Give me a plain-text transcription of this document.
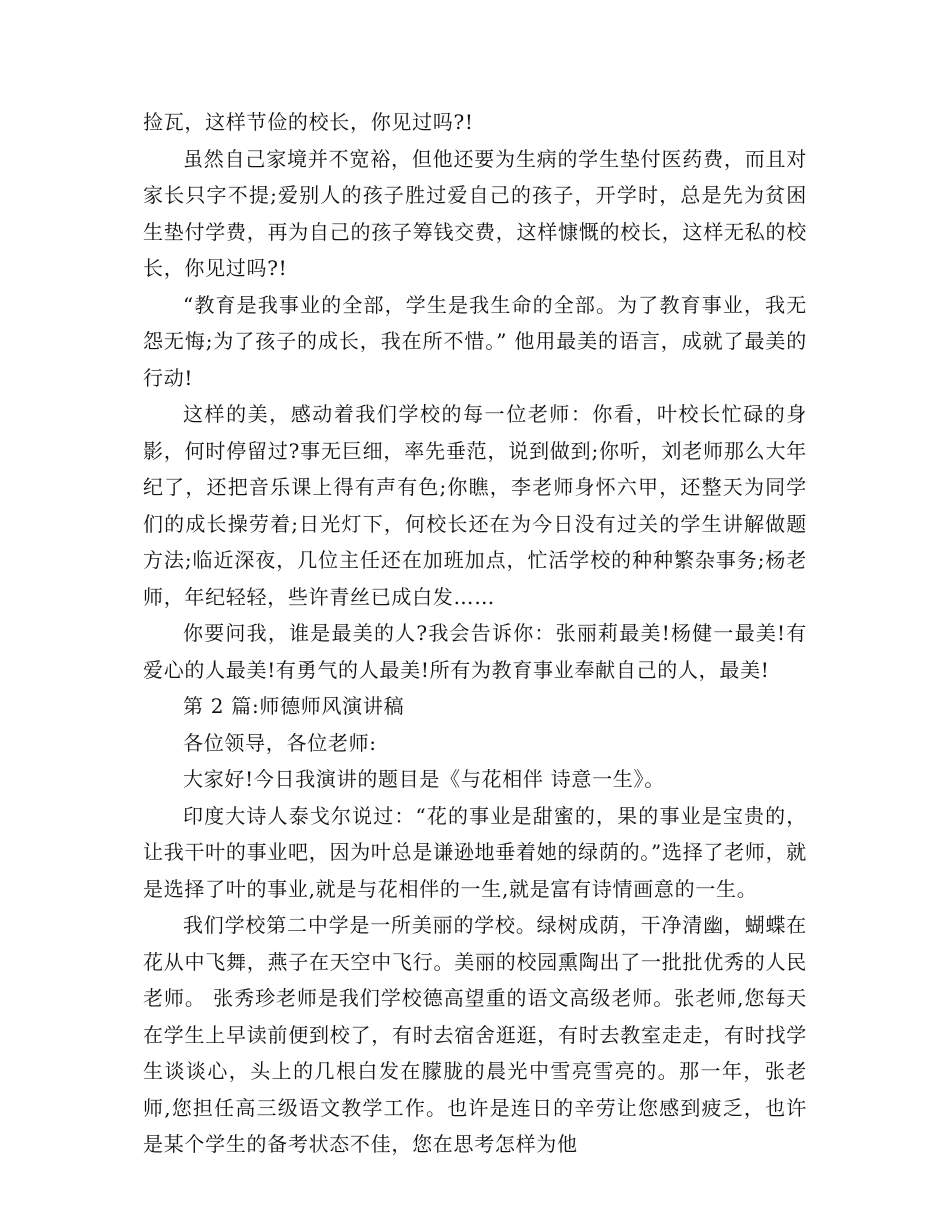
捡瓦，这样节俭的校长，你见过吗?!

虽然自己家境并不宽裕，但他还要为生病的学生垫付医药费，而且对家长只字不提;爱别人的孩子胜过爱自己的孩子，开学时，总是先为贫困生垫付学费，再为自己的孩子筹钱交费，这样慷慨的校长，这样无私的校长，你见过吗?!

“教育是我事业的全部，学生是我生命的全部。为了教育事业，我无怨无悔;为了孩子的成长，我在所不惜。” 他用最美的语言，成就了最美的行动!

这样的美，感动着我们学校的每一位老师：你看，叶校长忙碌的身影，何时停留过?事无巨细，率先垂范，说到做到;你听，刘老师那么大年纪了，还把音乐课上得有声有色;你瞧，李老师身怀六甲，还整天为同学们的成长操劳着;日光灯下，何校长还在为今日没有过关的学生讲解做题方法;临近深夜，几位主任还在加班加点，忙活学校的种种繁杂事务;杨老师，年纪轻轻，些许青丝已成白发……

你要问我，谁是最美的人?我会告诉你：张丽莉最美!杨健一最美!有爱心的人最美!有勇气的人最美!所有为教育事业奉献自己的人，最美!

第 2 篇:师德师风演讲稿

各位领导，各位老师:

大家好!今日我演讲的题目是《与花相伴 诗意一生》。

印度大诗人泰戈尔说过：“花的事业是甜蜜的，果的事业是宝贵的，让我干叶的事业吧，因为叶总是谦逊地垂着她的绿荫的。”选择了老师，就是选择了叶的事业,就是与花相伴的一生,就是富有诗情画意的一生。

我们学校第二中学是一所美丽的学校。绿树成荫，干净清幽，蝴蝶在花从中飞舞，燕子在天空中飞行。美丽的校园熏陶出了一批批优秀的人民老师。 张秀珍老师是我们学校德高望重的语文高级老师。张老师,您每天在学生上早读前便到校了，有时去宿舍逛逛，有时去教室走走，有时找学生谈谈心，头上的几根白发在朦胧的晨光中雪亮雪亮的。那一年，张老师,您担任高三级语文教学工作。也许是连日的辛劳让您感到疲乏，也许是某个学生的备考状态不佳，您在思考怎样为他
